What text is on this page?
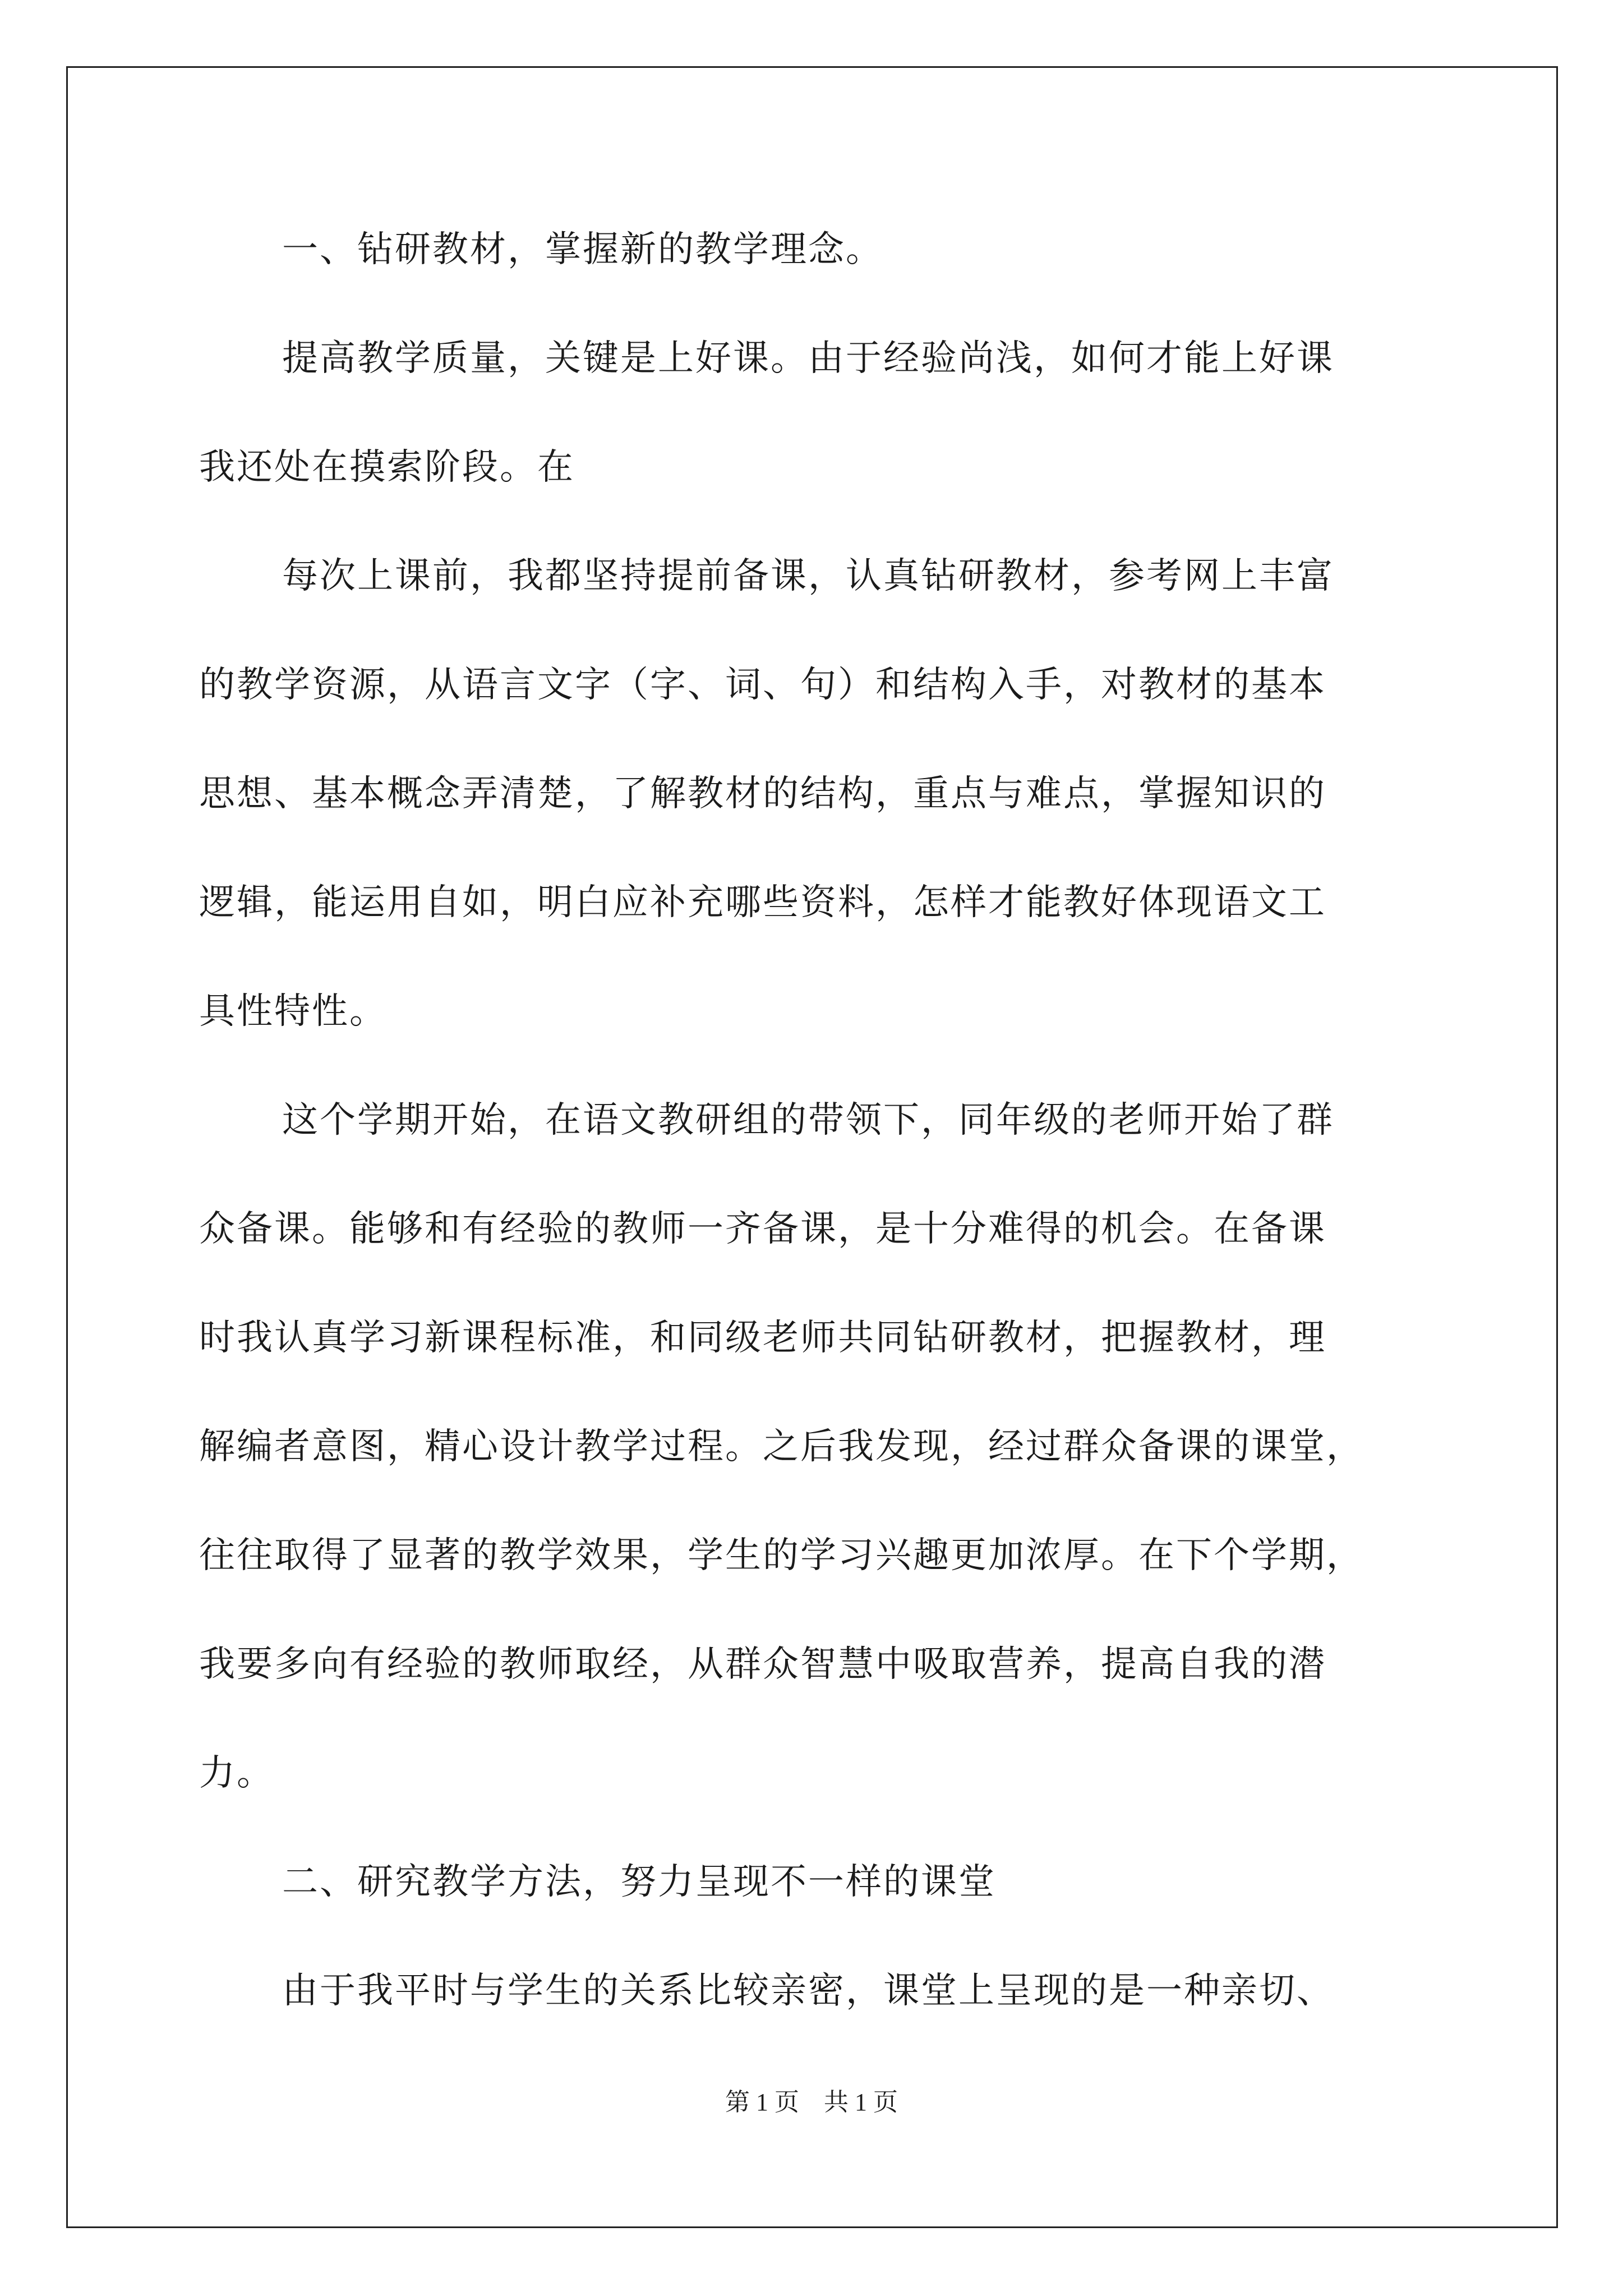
一、钻研教材，掌握新的教学理念。
提高教学质量，关键是上好课。由于经验尚浅，如何才能上好课
我还处在摸索阶段。在
每次上课前，我都坚持提前备课，认真钻研教材，参考网上丰富
的教学资源，从语言文字（字、词、句）和结构入手，对教材的基本
思想、基本概念弄清楚，了解教材的结构，重点与难点，掌握知识的
逻辑，能运用自如，明白应补充哪些资料，怎样才能教好体现语文工
具性特性。
这个学期开始，在语文教研组的带领下，同年级的老师开始了群
众备课。能够和有经验的教师一齐备课，是十分难得的机会。在备课
时我认真学习新课程标准，和同级老师共同钻研教材，把握教材，理
解编者意图，精心设计教学过程。之后我发现，经过群众备课的课堂，
往往取得了显著的教学效果，学生的学习兴趣更加浓厚。在下个学期，
我要多向有经验的教师取经，从群众智慧中吸取营养，提高自我的潜
力。
二、研究教学方法，努力呈现不一样的课堂
由于我平时与学生的关系比较亲密，课堂上呈现的是一种亲切、
第 1 页    共 1 页
